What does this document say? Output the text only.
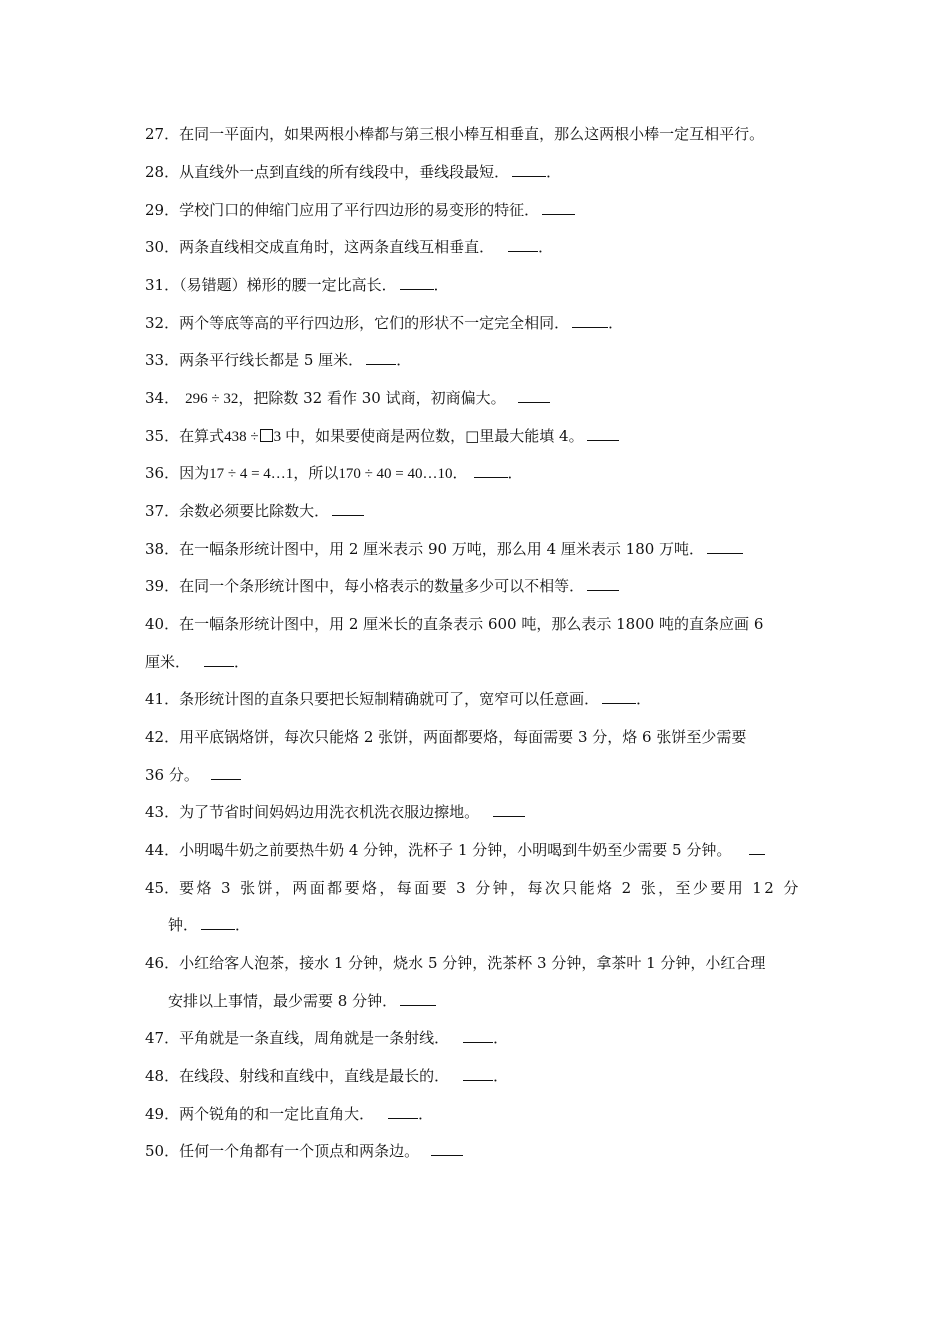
27．在同一平面内，如果两根小棒都与第三根小棒互相垂直，那么这两根小棒一定互相平行。
28．从直线外一点到直线的所有线段中，垂线段最短． ．
29．学校门口的伸缩门应用了平行四边形的易变形的特征．
30．两条直线相交成直角时，这两条直线互相垂直．	．
31．（易错题）梯形的腰一定比高长． ．
32．两个等底等高的平行四边形，它们的形状不一定完全相同．	．
33．两条平行线长都是 5 厘米． ．
34． 296 ÷ 32，把除数 32 看作 30 试商，初商偏大。
35．在算式438 ÷ 3 中，如果要使商是两位数，□里最大能填 4。
36．因为17 ÷ 4 = 4…1，所以170 ÷ 40 = 40…10．	．
37．余数必须要比除数大．
38．在一幅条形统计图中，用 2 厘米表示 90 万吨，那么用 4 厘米表示 180 万吨．
39．在同一个条形统计图中，每小格表示的数量多少可以不相等．
40．在一幅条形统计图中，用 2 厘米长的直条表示 600 吨，那么表示 1800 吨的直条应画 6
厘米．	．
41．条形统计图的直条只要把长短制精确就可了，宽窄可以任意画． ．
42．用平底锅烙饼，每次只能烙 2 张饼，两面都要烙，每面需要 3 分，烙 6 张饼至少需要
36 分。
43．为了节省时间妈妈边用洗衣机洗衣服边擦地。
44．小明喝牛奶之前要热牛奶 4 分钟，洗杯子 1 分钟，小明喝到牛奶至少需要 5 分钟。
45．要烙 3 张饼，两面都要烙，每面要 3 分钟，每次只能烙 2 张，至少要用 12 分
钟． ．
46．小红给客人泡茶，接水 1 分钟，烧水 5 分钟，洗茶杯 3 分钟，拿茶叶 1 分钟，小红合理
安排以上事情，最少需要 8 分钟．
47．平角就是一条直线，周角就是一条射线．	．
48．在线段、射线和直线中，直线是最长的．	．
49．两个锐角的和一定比直角大．	．
50．任何一个角都有一个顶点和两条边。
